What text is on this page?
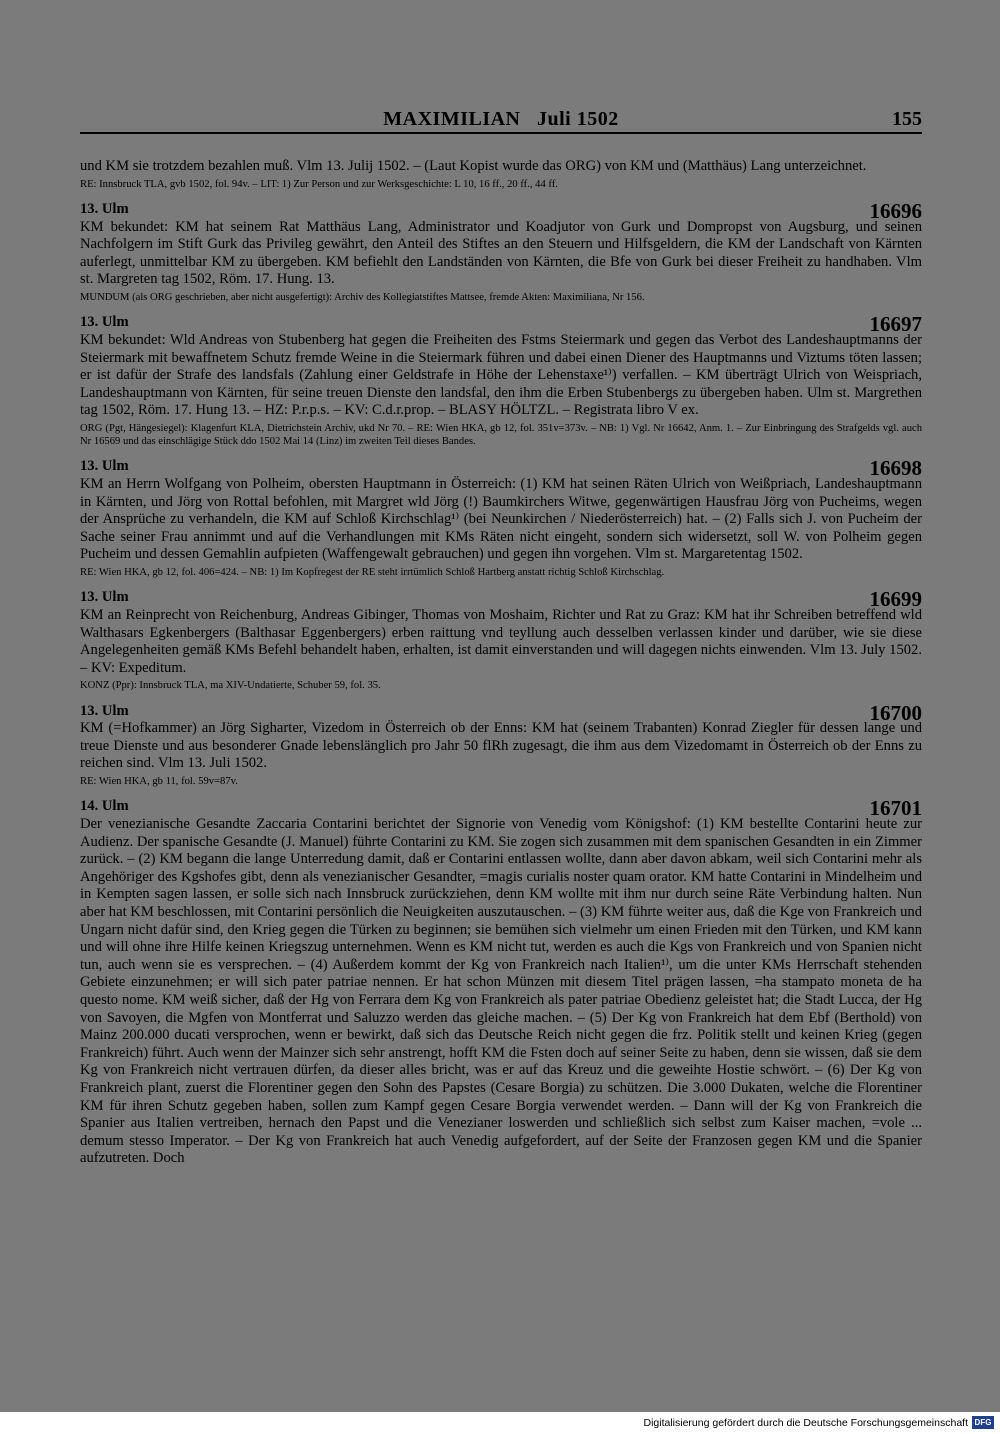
MAXIMILIAN   Juli 1502	155

und KM sie trotzdem bezahlen muß. Vlm 13. Julij 1502. – (Laut Kopist wurde das ORG) von KM und (Matthäus) Lang unterzeichnet.

RE: Innsbruck TLA, gvb 1502, fol. 94v. – LIT: 1) Zur Person und zur Werksgeschichte: L 10, 16 ff., 20 ff., 44 ff.

13. Ulm	16696

KM bekundet: KM hat seinem Rat Matthäus Lang, Administrator und Koadjutor von Gurk und Dompropst von Augsburg, und seinen Nachfolgern im Stift Gurk das Privileg gewährt, den Anteil des Stiftes an den Steuern und Hilfsgeldern, die KM der Landschaft von Kärnten auferlegt, unmittelbar KM zu übergeben. KM befiehlt den Landständen von Kärnten, die Bfe von Gurk bei dieser Freiheit zu handhaben. Vlm st. Margreten tag 1502, Röm. 17. Hung. 13.

MUNDUM (als ORG geschrieben, aber nicht ausgefertigt): Archiv des Kollegiatstiftes Mattsee, fremde Akten: Maximiliana, Nr 156.

13. Ulm	16697

KM bekundet: Wld Andreas von Stubenberg hat gegen die Freiheiten des Fstms Steiermark und gegen das Verbot des Landeshauptmanns der Steiermark mit bewaffnetem Schutz fremde Weine in die Steiermark führen und dabei einen Diener des Hauptmanns und Viztums töten lassen; er ist dafür der Strafe des landsfals (Zahlung einer Geldstrafe in Höhe der Lehenstaxe¹⁾) verfallen. – KM überträgt Ulrich von Weispriach, Landeshauptmann von Kärnten, für seine treuen Dienste den landsfal, den ihm die Erben Stubenbergs zu übergeben haben. Ulm st. Margrethen tag 1502, Röm. 17. Hung 13. – HZ: P.r.p.s. – KV: C.d.r.prop. – BLASY HÖLTZL. – Registrata libro V ex.

ORG (Pgt, Hängesiegel): Klagenfurt KLA, Dietrichstein Archiv, ukd Nr 70. – RE: Wien HKA, gb 12, fol. 351v=373v. – NB: 1) Vgl. Nr 16642, Anm. 1. – Zur Einbringung des Strafgelds vgl. auch Nr 16569 und das einschlägige Stück ddo 1502 Mai 14 (Linz) im zweiten Teil dieses Bandes.

13. Ulm	16698

KM an Herrn Wolfgang von Polheim, obersten Hauptmann in Österreich: (1) KM hat seinen Räten Ulrich von Weißpriach, Landeshauptmann in Kärnten, und Jörg von Rottal befohlen, mit Margret wld Jörg (!) Baumkirchers Witwe, gegenwärtigen Hausfrau Jörg von Pucheims, wegen der Ansprüche zu verhandeln, die KM auf Schloß Kirchschlag¹⁾ (bei Neunkirchen / Niederösterreich) hat. – (2) Falls sich J. von Pucheim der Sache seiner Frau annimmt und auf die Verhandlungen mit KMs Räten nicht eingeht, sondern sich widersetzt, soll W. von Polheim gegen Pucheim und dessen Gemahlin aufpieten (Waffengewalt gebrauchen) und gegen ihn vorgehen. Vlm st. Margaretentag 1502.

RE: Wien HKA, gb 12, fol. 406=424. – NB: 1) Im Kopfregest der RE steht irrtümlich Schloß Hartberg anstatt richtig Schloß Kirchschlag.

13. Ulm	16699

KM an Reinprecht von Reichenburg, Andreas Gibinger, Thomas von Moshaim, Richter und Rat zu Graz: KM hat ihr Schreiben betreffend wld Walthasars Egkenbergers (Balthasar Eggenbergers) erben raittung vnd teyllung auch desselben verlassen kinder und darüber, wie sie diese Angelegenheiten gemäß KMs Befehl behandelt haben, erhalten, ist damit einverstanden und will dagegen nichts einwenden. Vlm 13. July 1502. – KV: Expeditum.

KONZ (Ppr): Innsbruck TLA, ma XIV-Undatierte, Schuber 59, fol. 35.

13. Ulm	16700

KM (=Hofkammer) an Jörg Sigharter, Vizedom in Österreich ob der Enns: KM hat (seinem Trabanten) Konrad Ziegler für dessen lange und treue Dienste und aus besonderer Gnade lebenslänglich pro Jahr 50 flRh zugesagt, die ihm aus dem Vizedomamt in Österreich ob der Enns zu reichen sind. Vlm 13. Juli 1502.

RE: Wien HKA, gb 11, fol. 59v=87v.

14. Ulm	16701

Der venezianische Gesandte Zaccaria Contarini berichtet der Signorie von Venedig vom Königshof: (1) KM bestellte Contarini heute zur Audienz. Der spanische Gesandte (J. Manuel) führte Contarini zu KM. Sie zogen sich zusammen mit dem spanischen Gesandten in ein Zimmer zurück. – (2) KM begann die lange Unterredung damit, daß er Contarini entlassen wollte, dann aber davon abkam, weil sich Contarini mehr als Angehöriger des Kgshofes gibt, denn als venezianischer Gesandter, =magis curialis noster quam orator. KM hatte Contarini in Mindelheim und in Kempten sagen lassen, er solle sich nach Innsbruck zurückziehen, denn KM wollte mit ihm nur durch seine Räte Verbindung halten. Nun aber hat KM beschlossen, mit Contarini persönlich die Neuigkeiten auszutauschen. – (3) KM führte weiter aus, daß die Kge von Frankreich und Ungarn nicht dafür sind, den Krieg gegen die Türken zu beginnen; sie bemühen sich vielmehr um einen Frieden mit den Türken, und KM kann und will ohne ihre Hilfe keinen Kriegszug unternehmen. Wenn es KM nicht tut, werden es auch die Kgs von Frankreich und von Spanien nicht tun, auch wenn sie es versprechen. – (4) Außerdem kommt der Kg von Frankreich nach Italien¹⁾, um die unter KMs Herrschaft stehenden Gebiete einzunehmen; er will sich pater patriae nennen. Er hat schon Münzen mit diesem Titel prägen lassen, =ha stampato moneta de ha questo nome. KM weiß sicher, daß der Hg von Ferrara dem Kg von Frankreich als pater patriae Obedienz geleistet hat; die Stadt Lucca, der Hg von Savoyen, die Mgfen von Montferrat und Saluzzo werden das gleiche machen. – (5) Der Kg von Frankreich hat dem Ebf (Berthold) von Mainz 200.000 ducati versprochen, wenn er bewirkt, daß sich das Deutsche Reich nicht gegen die frz. Politik stellt und keinen Krieg (gegen Frankreich) führt. Auch wenn der Mainzer sich sehr anstrengt, hofft KM die Fsten doch auf seiner Seite zu haben, denn sie wissen, daß sie dem Kg von Frankreich nicht vertrauen dürfen, da dieser alles bricht, was er auf das Kreuz und die geweihte Hostie schwört. – (6) Der Kg von Frankreich plant, zuerst die Florentiner gegen den Sohn des Papstes (Cesare Borgia) zu schützen. Die 3.000 Dukaten, welche die Florentiner KM für ihren Schutz gegeben haben, sollen zum Kampf gegen Cesare Borgia verwendet werden. – Dann will der Kg von Frankreich die Spanier aus Italien vertreiben, hernach den Papst und die Venezianer loswerden und schließlich sich selbst zum Kaiser machen, =vole ... demum stesso Imperator. – Der Kg von Frankreich hat auch Venedig aufgefordert, auf der Seite der Franzosen gegen KM und die Spanier aufzutreten. Doch

Digitalisierung gefördert durch die Deutsche Forschungsgemeinschaft DFG
